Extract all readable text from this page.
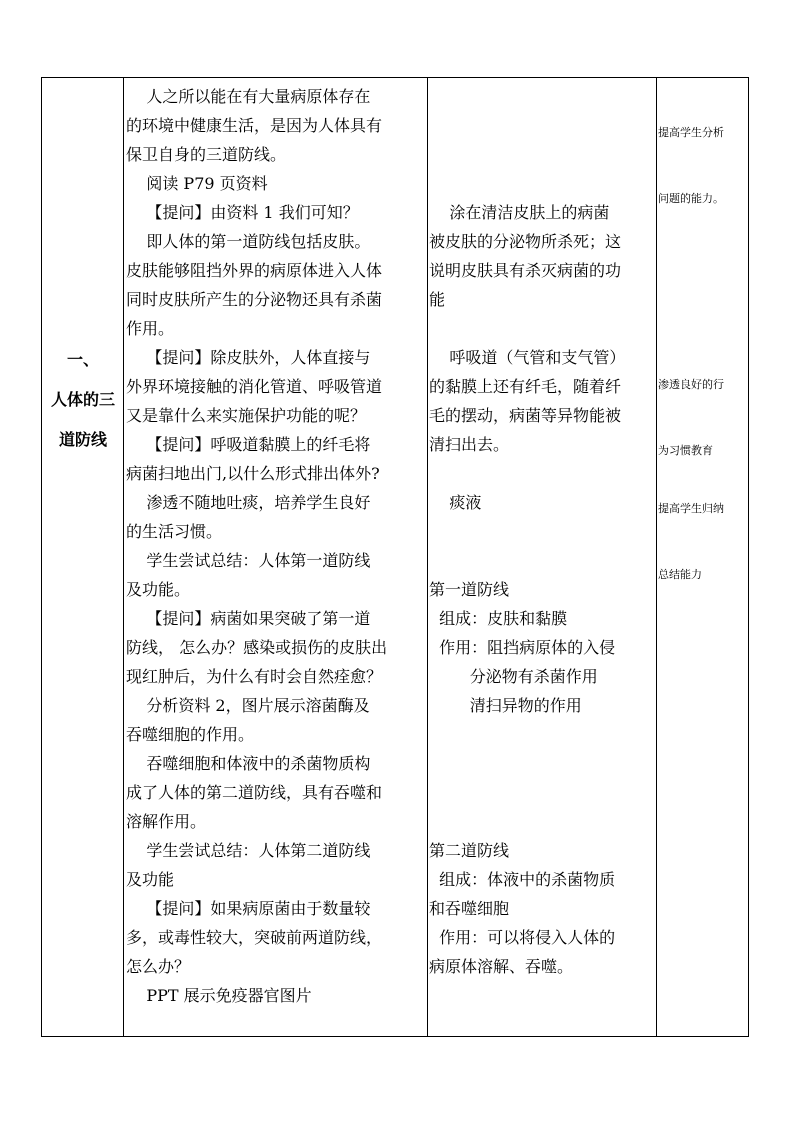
一、
人体的三
道防线

人之所以能在有大量病原体存在

的环境中健康生活，是因为人体具有

保卫自身的三道防线。

阅读 P79 页资料

【提问】由资料 1 我们可知？

即人体的第一道防线包括皮肤。

皮肤能够阻挡外界的病原体进入人体

同时皮肤所产生的分泌物还具有杀菌

作用。

【提问】除皮肤外，人体直接与

外界环境接触的消化管道、呼吸管道

又是靠什么来实施保护功能的呢？

【提问】呼吸道黏膜上的纤毛将

病菌扫地出门,以什么形式排出体外?

渗透不随地吐痰，培养学生良好

的生活习惯。

学生尝试总结：人体第一道防线

及功能。

【提问】病菌如果突破了第一道

防线， 怎么办？感染或损伤的皮肤出

现红肿后，为什么有时会自然痊愈？

分析资料 2，图片展示溶菌酶及

吞噬细胞的作用。

吞噬细胞和体液中的杀菌物质构

成了人体的第二道防线，具有吞噬和

溶解作用。

学生尝试总结：人体第二道防线

及功能

【提问】如果病原菌由于数量较

多，或毒性较大，突破前两道防线，

怎么办？

PPT 展示免疫器官图片

涂在清洁皮肤上的病菌

被皮肤的分泌物所杀死；这

说明皮肤具有杀灭病菌的功

能

呼吸道（气管和支气管）

的黏膜上还有纤毛，随着纤

毛的摆动，病菌等异物能被

清扫出去。

痰液

第一道防线

组成：皮肤和黏膜

作用：阻挡病原体的入侵

分泌物有杀菌作用

清扫异物的作用

第二道防线

组成：体液中的杀菌物质

和吞噬细胞

作用：可以将侵入人体的

病原体溶解、吞噬。

提高学生分析

问题的能力。

渗透良好的行

为习惯教育

提高学生归纳

总结能力
